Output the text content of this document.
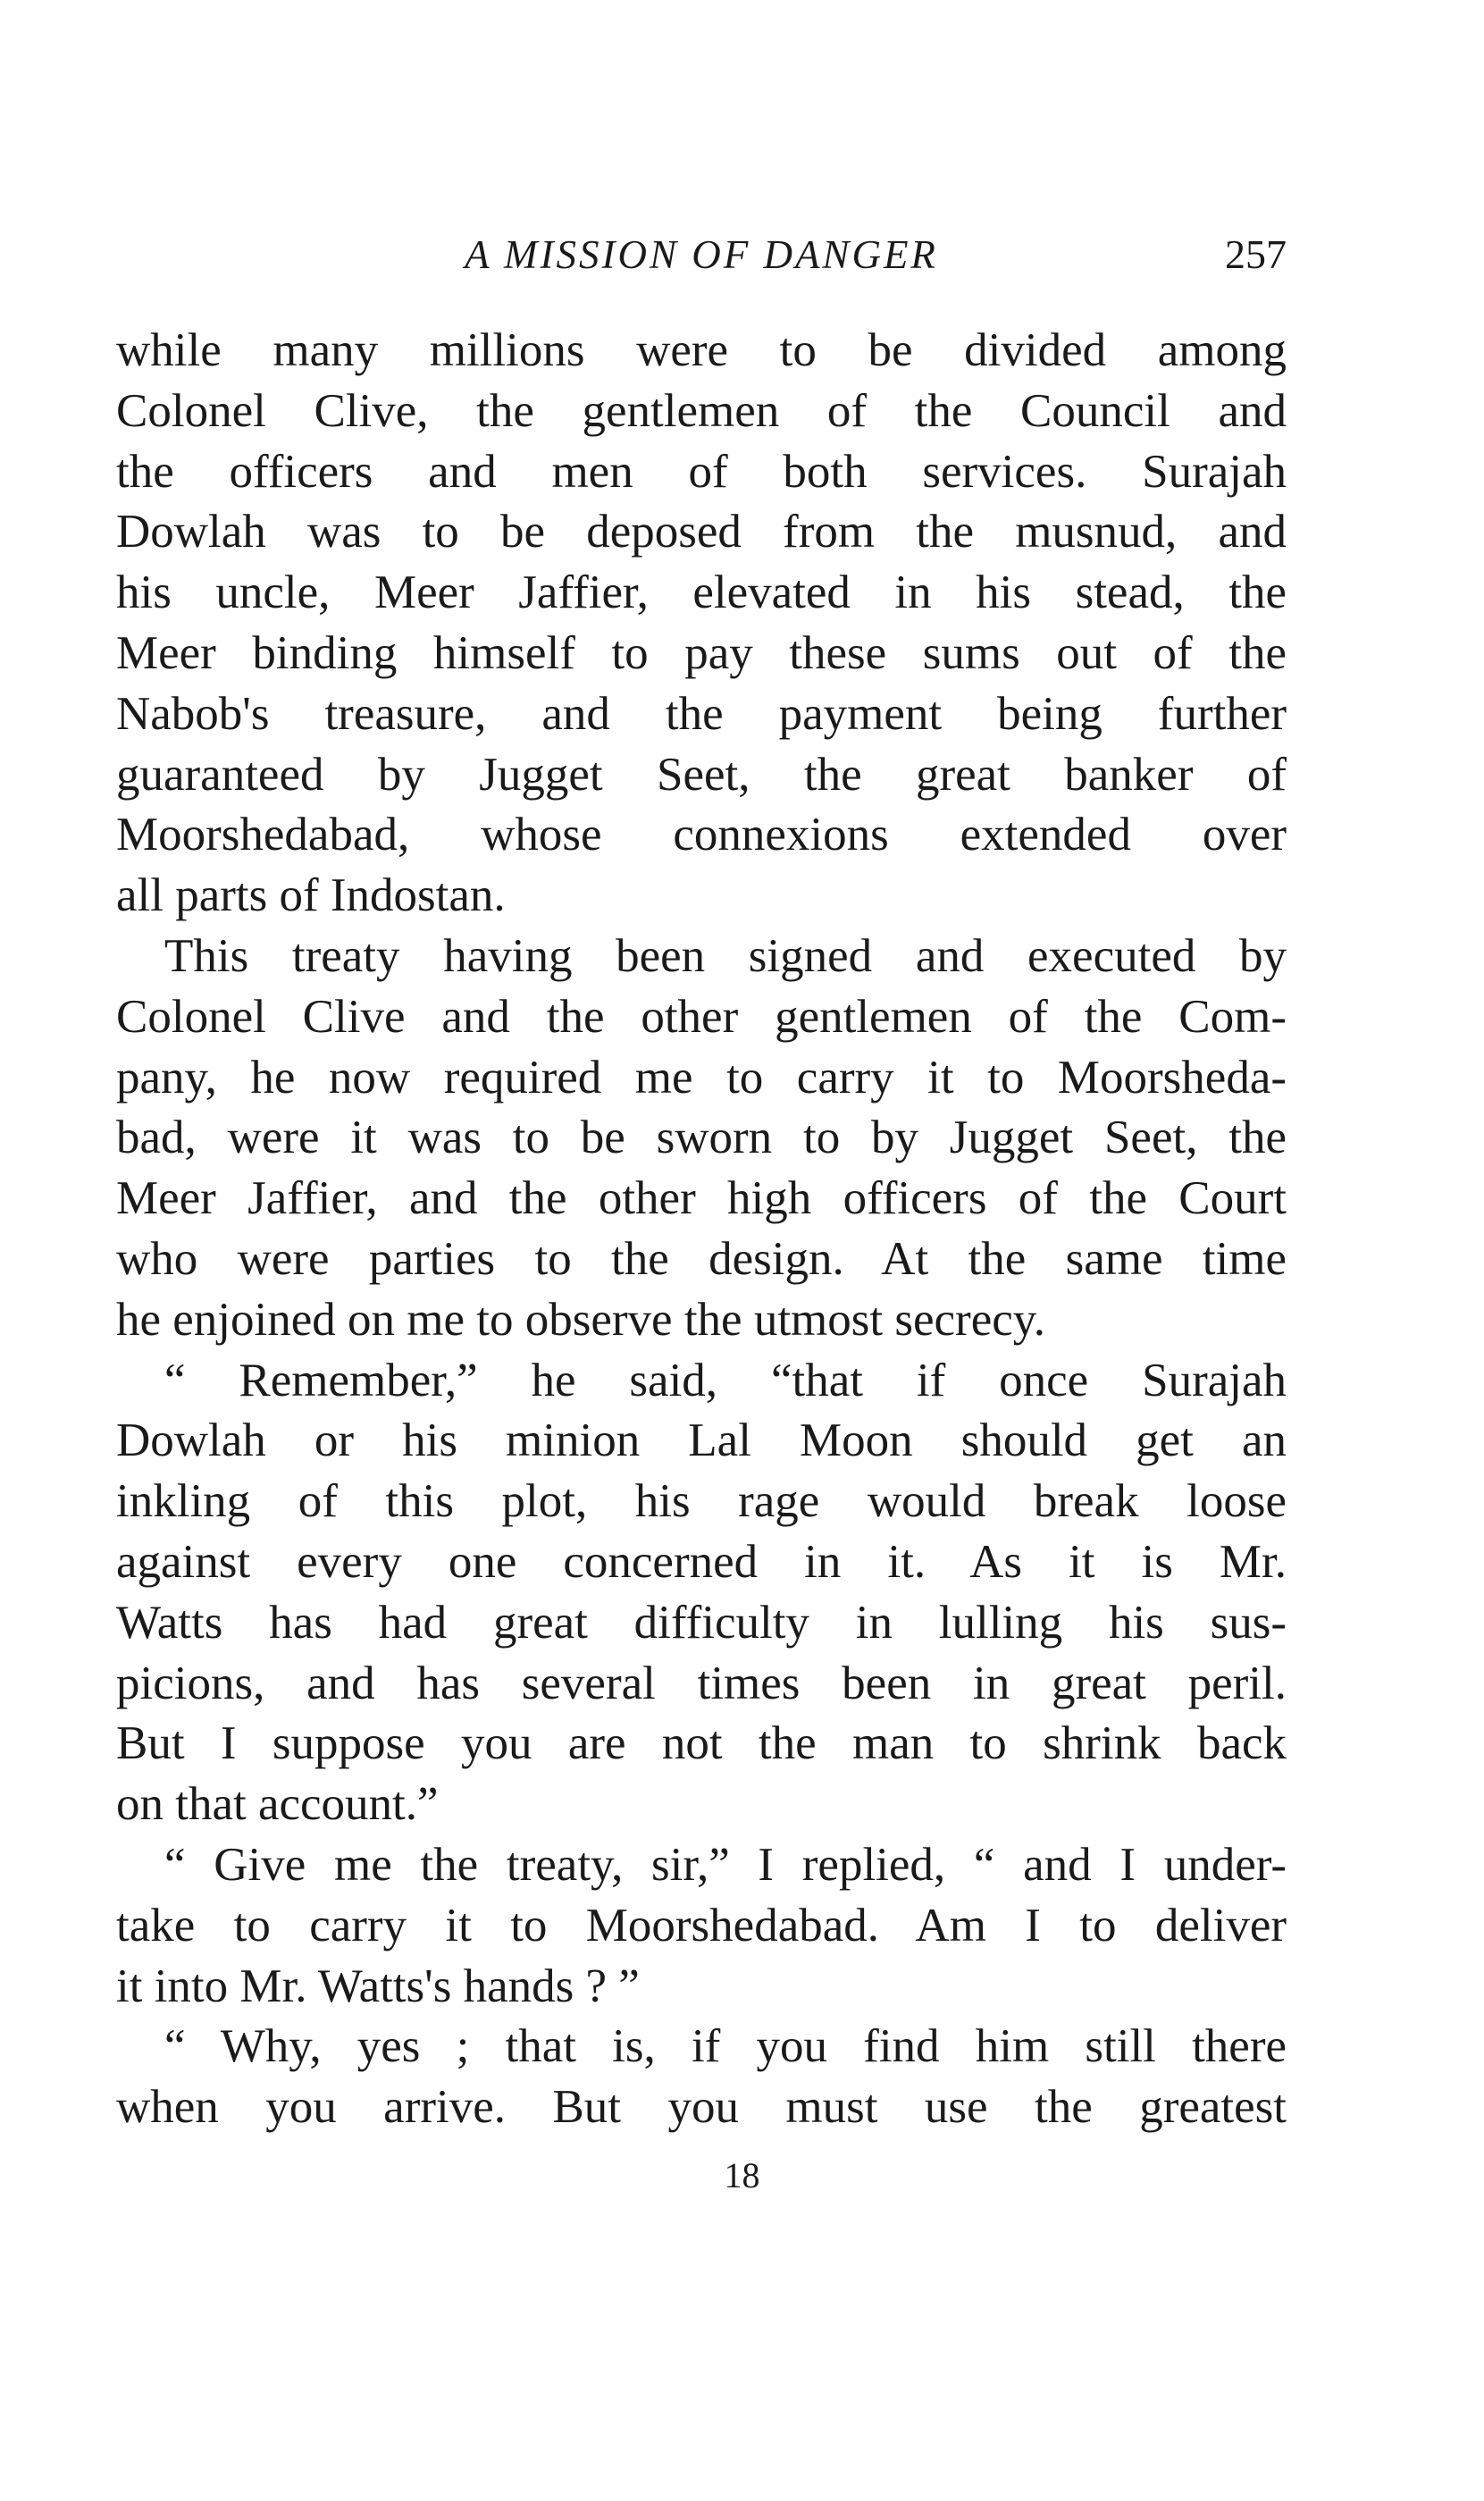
A MISSION OF DANGER	257
while many millions were to be divided among
Colonel Clive, the gentlemen of the Council and
the officers and men of both services. Surajah
Dowlah was to be deposed from the musnud, and
his uncle, Meer Jaffier, elevated in his stead, the
Meer binding himself to pay these sums out of the
Nabob's treasure, and the payment being further
guaranteed by Jugget Seet, the great banker of
Moorshedabad, whose connexions extended over
all parts of Indostan.
This treaty having been signed and executed by
Colonel Clive and the other gentlemen of the Com-
pany, he now required me to carry it to Moorsheda-
bad, were it was to be sworn to by Jugget Seet, the
Meer Jaffier, and the other high officers of the Court
who were parties to the design. At the same time
he enjoined on me to observe the utmost secrecy.
“ Remember,” he said, “that if once Surajah
Dowlah or his minion Lal Moon should get an
inkling of this plot, his rage would break loose
against every one concerned in it. As it is Mr.
Watts has had great difficulty in lulling his sus-
picions, and has several times been in great peril.
But I suppose you are not the man to shrink back
on that account.”
“ Give me the treaty, sir,” I replied, “ and I under-
take to carry it to Moorshedabad. Am I to deliver
it into Mr. Watts's hands ? ”
“ Why, yes ; that is, if you find him still there
when you arrive. But you must use the greatest
18
